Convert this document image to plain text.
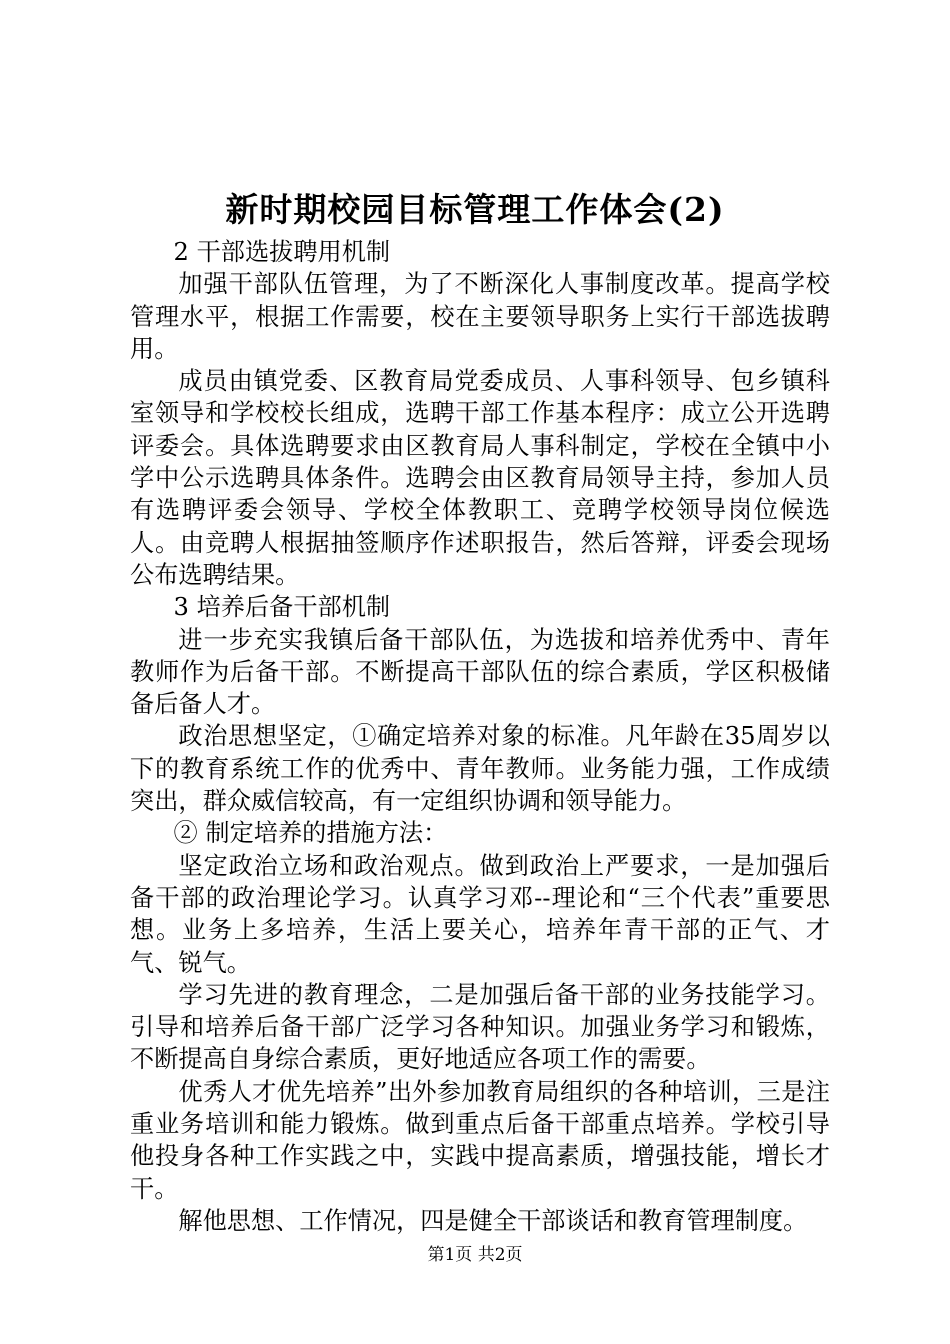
新时期校园目标管理工作体会(2)

2 干部选拔聘用机制

加强干部队伍管理，为了不断深化人事制度改革。提高学校管理水平，根据工作需要，校在主要领导职务上实行干部选拔聘用。

成员由镇党委、区教育局党委成员、人事科领导、包乡镇科室领导和学校校长组成，选聘干部工作基本程序：成立公开选聘评委会。具体选聘要求由区教育局人事科制定，学校在全镇中小学中公示选聘具体条件。选聘会由区教育局领导主持，参加人员有选聘评委会领导、学校全体教职工、竞聘学校领导岗位候选人。由竞聘人根据抽签顺序作述职报告，然后答辩，评委会现场公布选聘结果。

3 培养后备干部机制

进一步充实我镇后备干部队伍，为选拔和培养优秀中、青年教师作为后备干部。不断提高干部队伍的综合素质，学区积极储备后备人才。

政治思想坚定，①确定培养对象的标准。凡年龄在35周岁以下的教育系统工作的优秀中、青年教师。业务能力强，工作成绩突出，群众威信较高，有一定组织协调和领导能力。

② 制定培养的措施方法：

坚定政治立场和政治观点。做到政治上严要求，一是加强后备干部的政治理论学习。认真学习邓--理论和“三个代表”重要思想。业务上多培养，生活上要关心，培养年青干部的正气、才气、锐气。

学习先进的教育理念，二是加强后备干部的业务技能学习。引导和培养后备干部广泛学习各种知识。加强业务学习和锻炼，不断提高自身综合素质，更好地适应各项工作的需要。

优秀人才优先培养”出外参加教育局组织的各种培训，三是注重业务培训和能力锻炼。做到重点后备干部重点培养。学校引导他投身各种工作实践之中，实践中提高素质，增强技能，增长才干。

解他思想、工作情况，四是健全干部谈话和教育管理制度。

第1页 共2页
